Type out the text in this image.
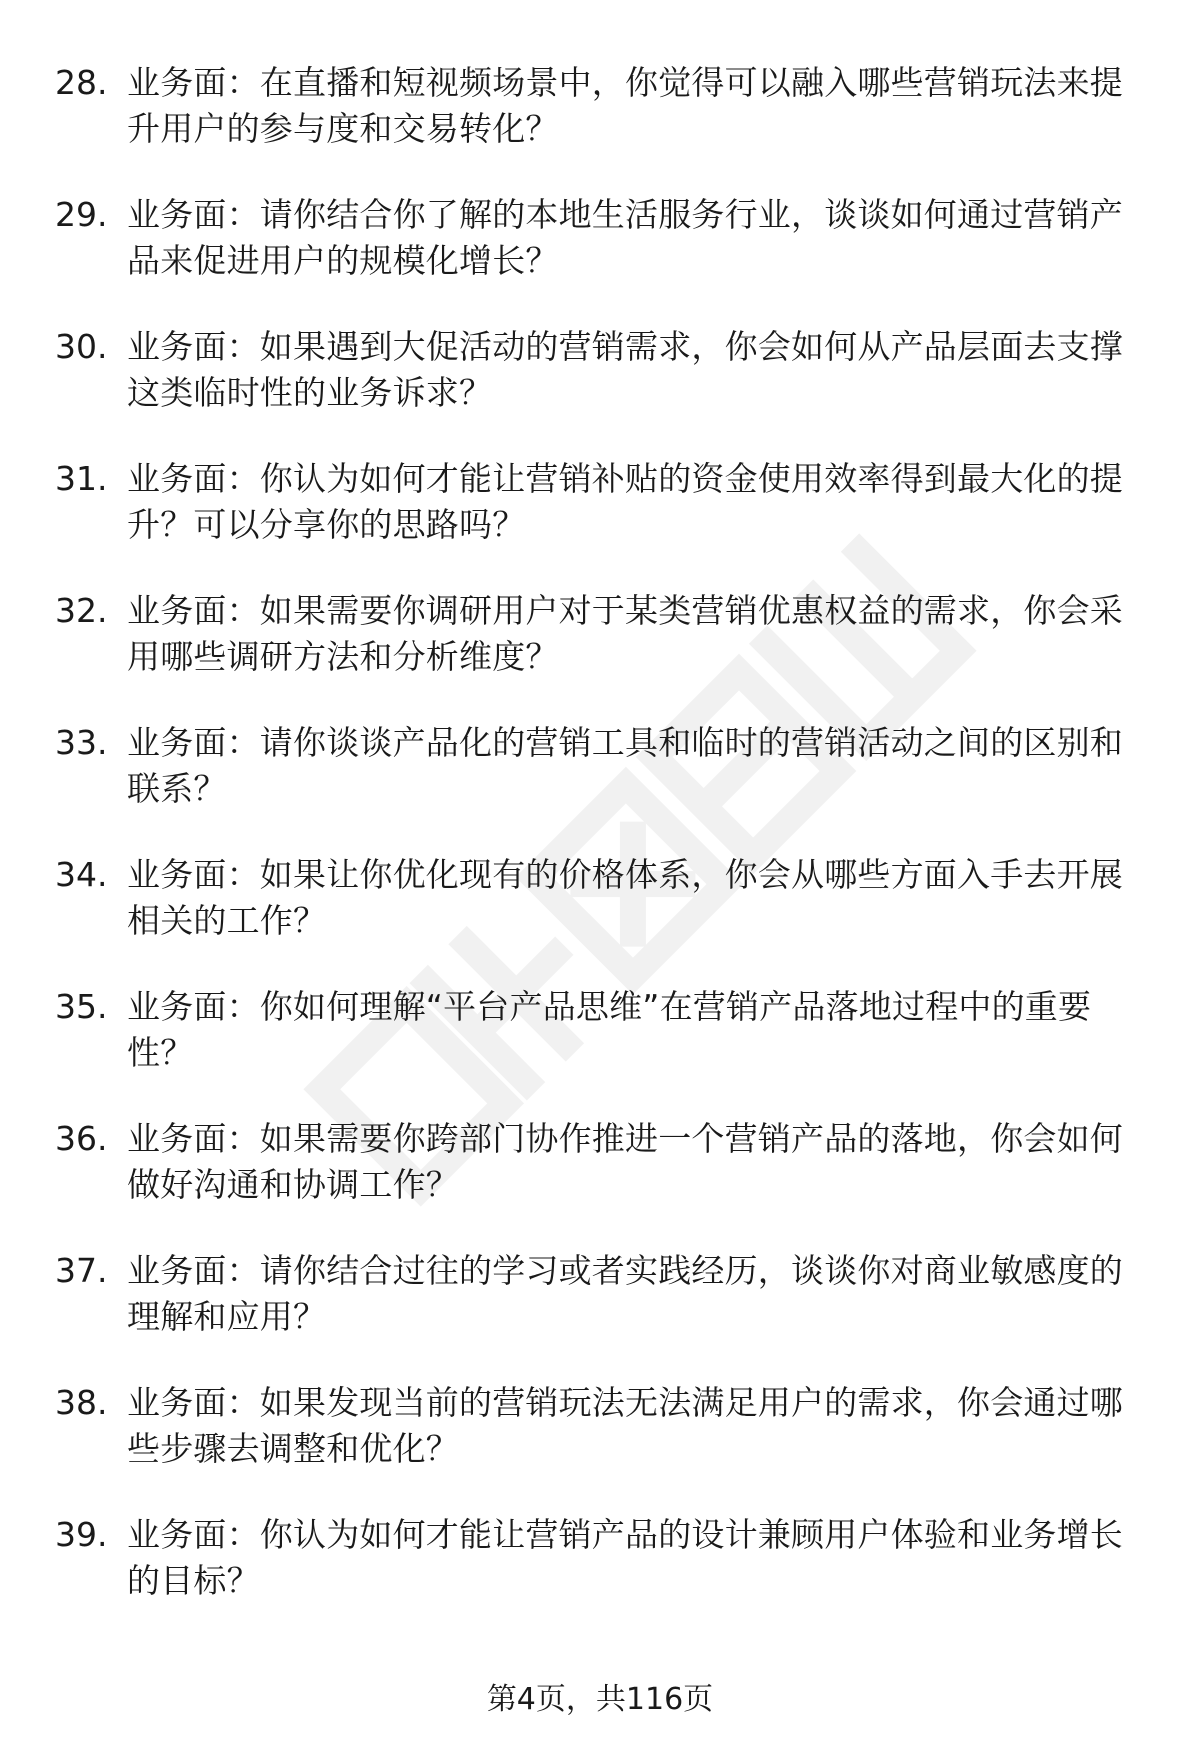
28. 业务面：在直播和短视频场景中，你觉得可以融入哪些营销玩法来提升用户的参与度和交易转化？
29. 业务面：请你结合你了解的本地生活服务行业，谈谈如何通过营销产品来促进用户的规模化增长？
30. 业务面：如果遇到大促活动的营销需求，你会如何从产品层面去支撑这类临时性的业务诉求？
31. 业务面：你认为如何才能让营销补贴的资金使用效率得到最大化的提升？可以分享你的思路吗？
32. 业务面：如果需要你调研用户对于某类营销优惠权益的需求，你会采用哪些调研方法和分析维度？
33. 业务面：请你谈谈产品化的营销工具和临时的营销活动之间的区别和联系？
34. 业务面：如果让你优化现有的价格体系，你会从哪些方面入手去开展相关的工作？
35. 业务面：你如何理解“平台产品思维”在营销产品落地过程中的重要性？
36. 业务面：如果需要你跨部门协作推进一个营销产品的落地，你会如何做好沟通和协调工作？
37. 业务面：请你结合过往的学习或者实践经历，谈谈你对商业敏感度的理解和应用？
38. 业务面：如果发现当前的营销玩法无法满足用户的需求，你会通过哪些步骤去调整和优化？
39. 业务面：你认为如何才能让营销产品的设计兼顾用户体验和业务增长的目标？
第4页，共116页
